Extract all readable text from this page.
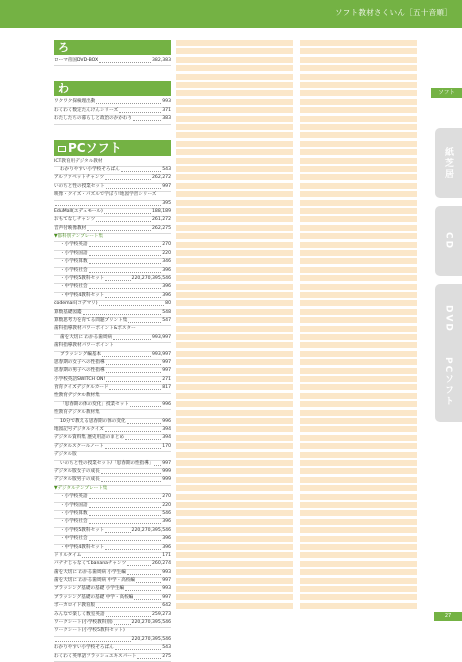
ソフト教材さくいん［五十音順］
ろ
ローマ帝国DVD-BOX	382,383
わ
ワクワク探検理出動	993
わくわく数定たんけんシリーズ	371
わたしたちの暮らしと政治のかかわり	383
PCソフト
ICT教育用デジタル教材
わかりやすい小学校そろばん	543
アルファベットチャンツ	262,272
いのちと性の授業セット	997
映像・クイズ・パズルで学ぼう!地図学習シリーズ
395
EduMall(エデュモール)	188,189
おもてなしチャンツ	261,272
音声付映像教材	262,275
▼都科別テンプレート集
・小学校英語	270
・小学校国語	220
・小学校算数	346
・小学校社会	396
・小学校5教科セット	220,270,395,546
・中学校社会	396
・中学校4教科セット	396
codemari(コデマリ)	80
算数基礎図鑑	548
算数思考力を育てる問題プリント集	547
歯科指導教材パワーポイント&ポスター
歯を大切に わかる歯周病	993,997
歯科指導教材パワーポイント
ブラッシング編基本	993,997
思春期の女子への性指導	997
思春期の男子への性指導	997
小学校英語SWITCH ON!	271
食育クイズデジタルカード	817
性教育デジタル教材集
「思春期の体の変化」授業セット	996
性教育デジタル教材集
10分で教える思春期の体の変化	996
地図記号デジタルクイズ	394
デジタル資料集 歴史用語のまとめ	394
デジタルスクールノート	170
デジタル版
いのちと性の授業セット/「思春期の性指導」 997
デジタル版女子の成長	999
デジタル版男子の成長	999
▼デジタルテンプレート集
・小学校英語	270
・小学校国語	220
・小学校算数	546
・小学校社会	396
・小学校5教科セット	220,270,395,546
・中学校社会	396
・中学校4教科セット	396
ドリルタイム	171
バナナじゃなくてbananaチャンツ	260,274
歯を大切に わかる歯周病 小学生編	993
歯を大切に わかる歯周病 中学・高校編	997
ブラッシング基礎の基礎 小学生編	993
ブラッシング基礎の基礎 中学・高校編	997
ボーカロイド教育版	642
みんなで楽しく数室英語	259,273
ワークシート(小学校教科別)	220,270,395,546
ワークシート(小学校5教科セット)
220,270,395,546
わかりやすい小学校そろばん	543
わくわく英単語フラッシュエキスパート	275
ソフト
紙芝居
CD
DVD
PCソフト
27
